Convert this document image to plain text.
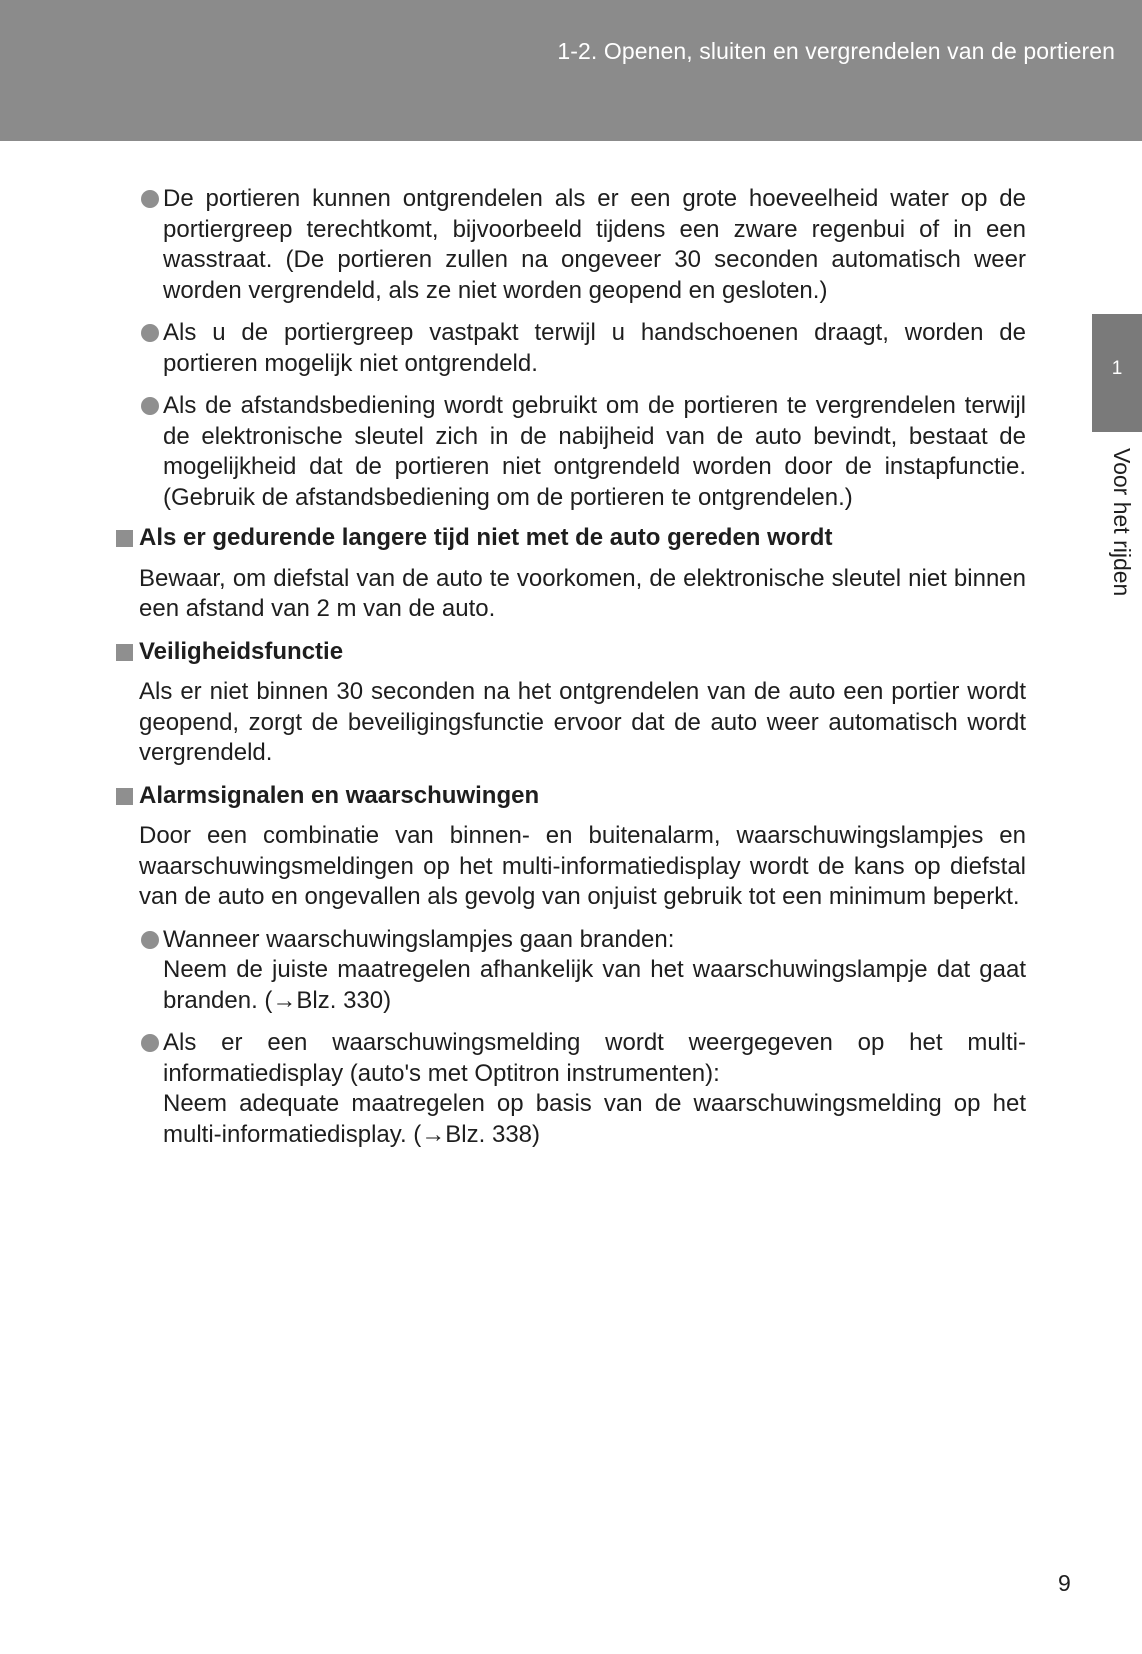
1-2. Openen, sluiten en vergrendelen van de portieren
1
Voor het rijden

De portieren kunnen ontgrendelen als er een grote hoeveelheid water op de portiergreep terechtkomt, bijvoorbeeld tijdens een zware regenbui of in een wasstraat. (De portieren zullen na ongeveer 30 seconden automatisch weer worden vergrendeld, als ze niet worden geopend en gesloten.)

Als u de portiergreep vastpakt terwijl u handschoenen draagt, worden de portieren mogelijk niet ontgrendeld.

Als de afstandsbediening wordt gebruikt om de portieren te vergrendelen terwijl de elektronische sleutel zich in de nabijheid van de auto bevindt, bestaat de mogelijkheid dat de portieren niet ontgrendeld worden door de instapfunctie. (Gebruik de afstandsbediening om de portieren te ontgrendelen.)

Als er gedurende langere tijd niet met de auto gereden wordt

Bewaar, om diefstal van de auto te voorkomen, de elektronische sleutel niet binnen een afstand van 2 m van de auto.

Veiligheidsfunctie

Als er niet binnen 30 seconden na het ontgrendelen van de auto een portier wordt geopend, zorgt de beveiligingsfunctie ervoor dat de auto weer automatisch wordt vergrendeld.

Alarmsignalen en waarschuwingen

Door een combinatie van binnen- en buitenalarm, waarschuwingslampjes en waarschuwingsmeldingen op het multi-informatiedisplay wordt de kans op diefstal van de auto en ongevallen als gevolg van onjuist gebruik tot een minimum beperkt.

Wanneer waarschuwingslampjes gaan branden:

Neem de juiste maatregelen afhankelijk van het waarschuwingslampje dat gaat branden. (→Blz. 330)

Als er een waarschuwingsmelding wordt weergegeven op het multi-informatiedisplay (auto's met Optitron instrumenten):

Neem adequate maatregelen op basis van de waarschuwingsmelding op het multi-informatiedisplay. (→Blz. 338)

9
